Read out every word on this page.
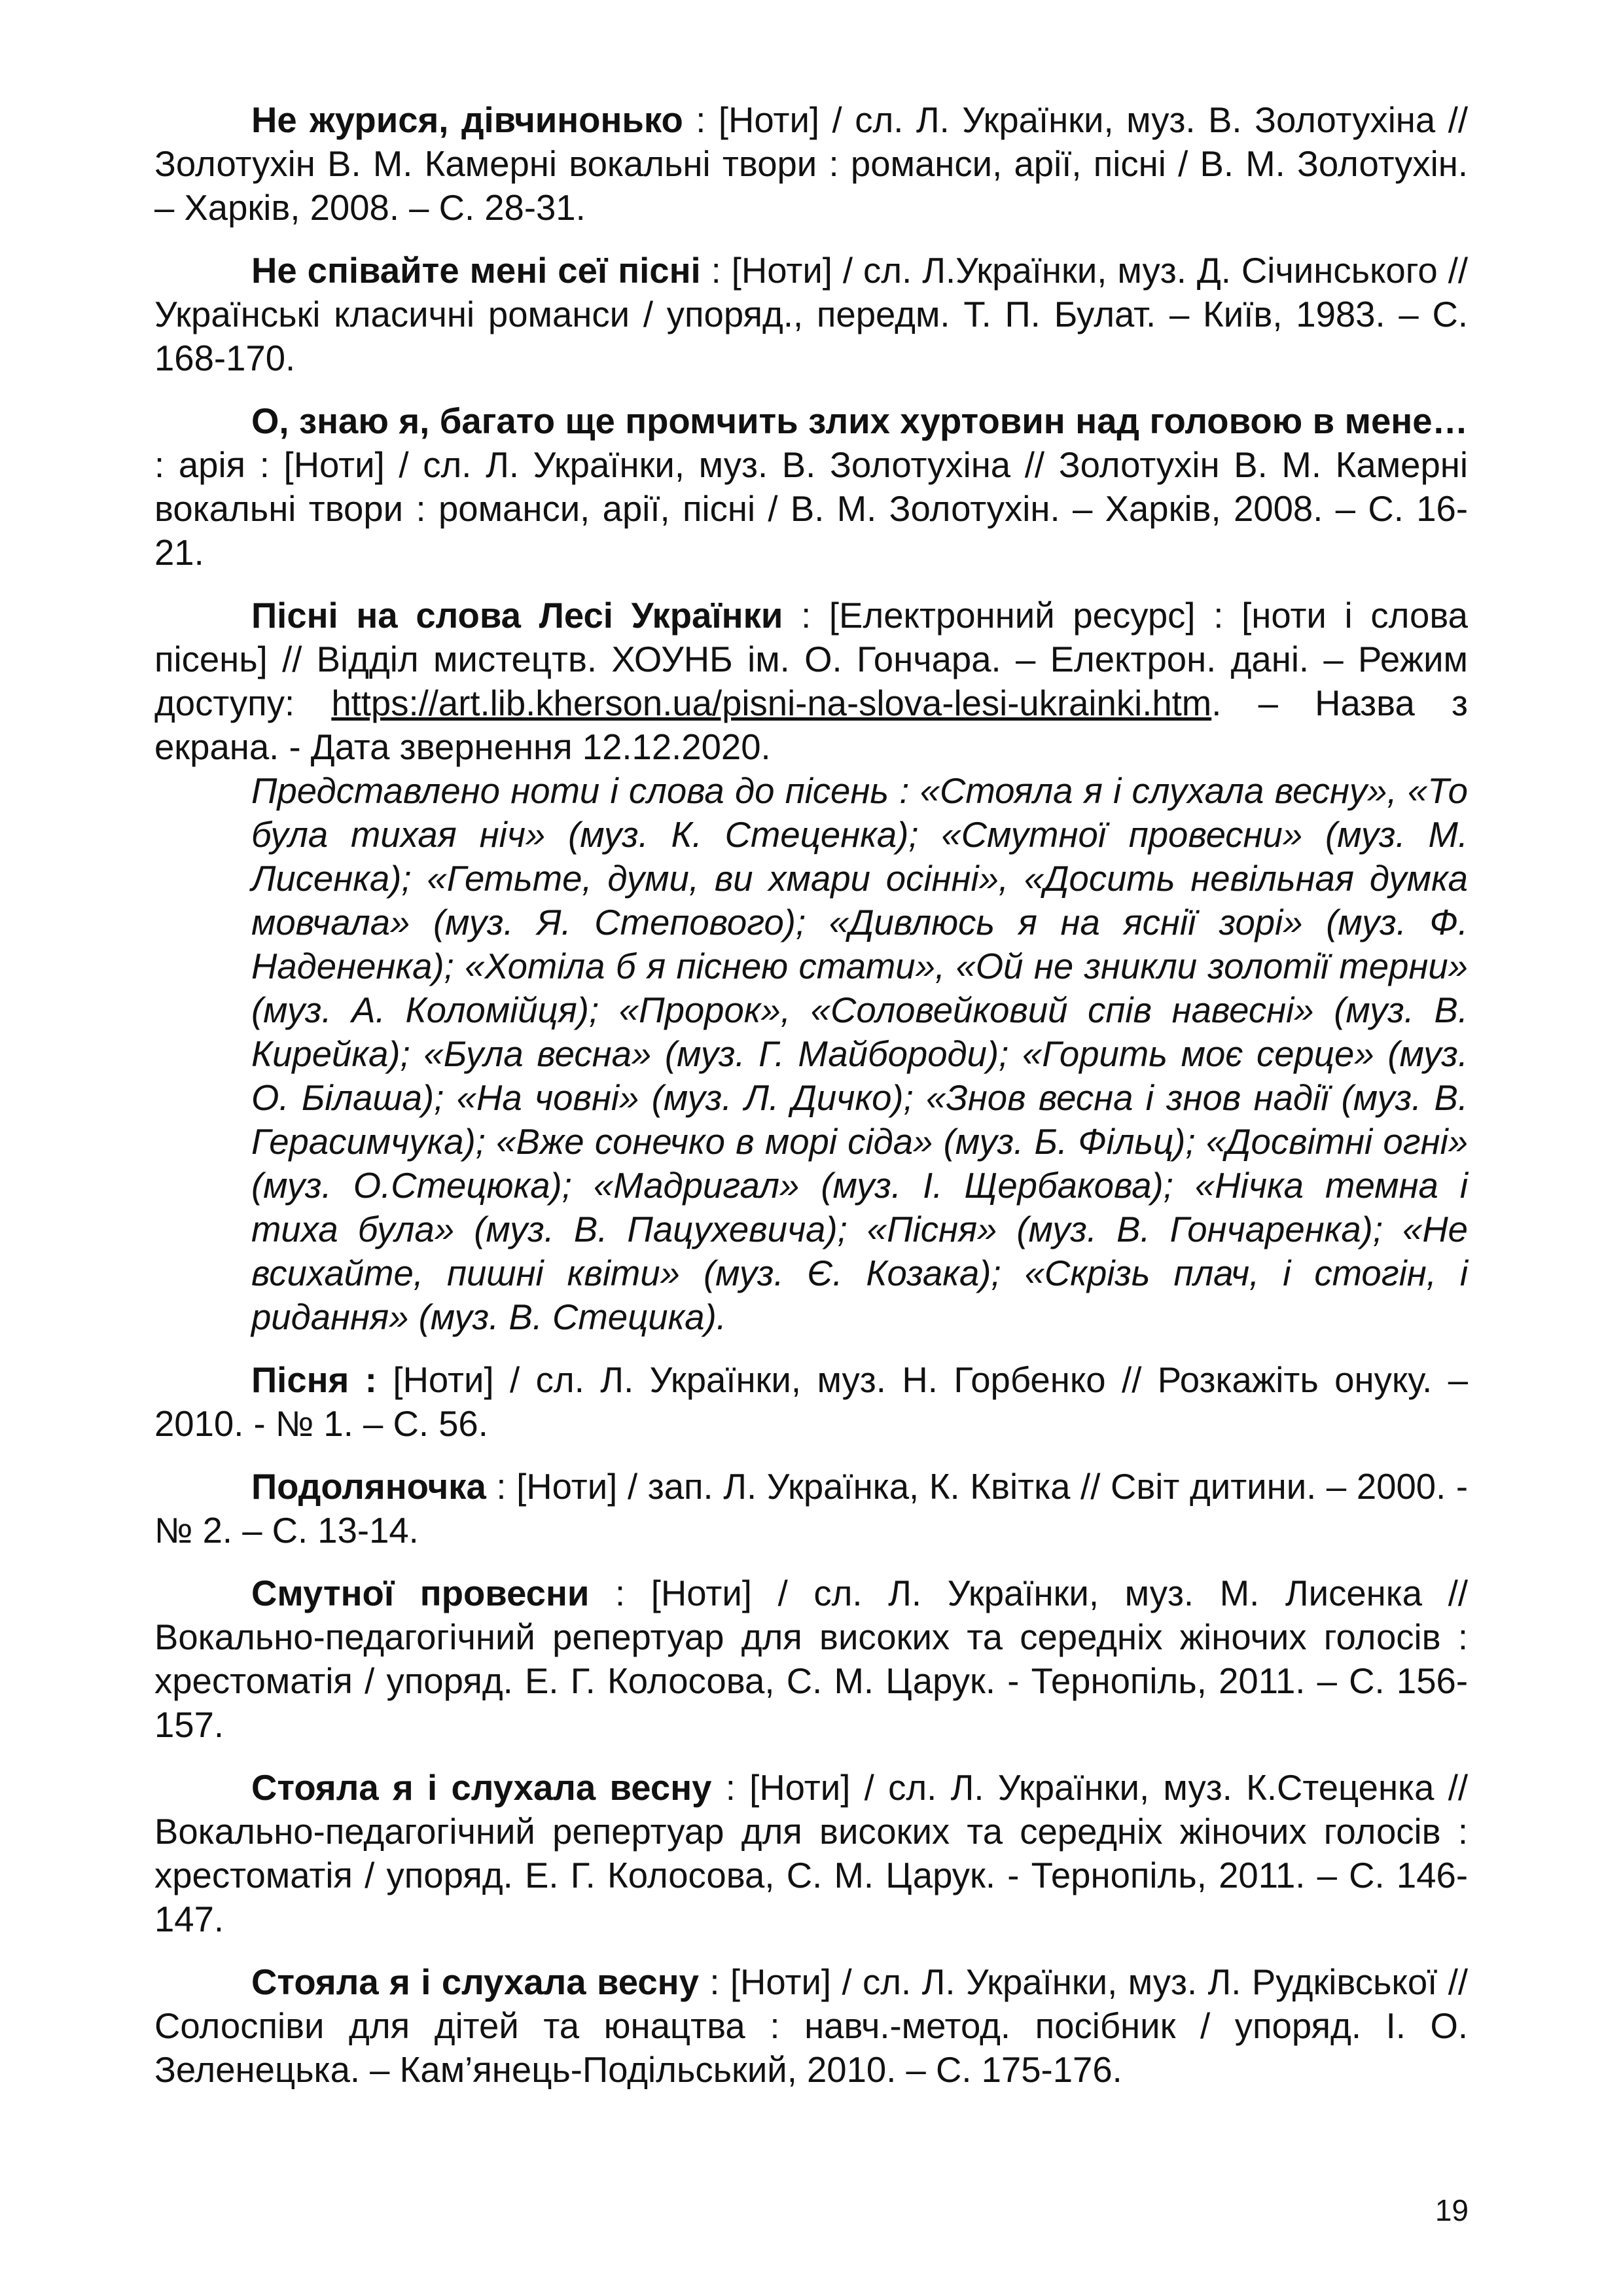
Не журися, дівчинонько : [Ноти] / сл. Л. Українки, муз. В. Золотухіна // Золотухін В. М. Камерні вокальні твори : романси, арії, пісні / В. М. Золотухін. – Харків, 2008. – С. 28-31.

Не співайте мені сеї пісні : [Ноти] / сл. Л.Українки, муз. Д. Січинського // Українські класичні романси / упоряд., передм. Т. П. Булат. – Київ, 1983. – С. 168-170.

О, знаю я, багато ще промчить злих хуртовин над головою в мене… : арія : [Ноти] / сл. Л. Українки, муз. В. Золотухіна // Золотухін В. М. Камерні вокальні твори : романси, арії, пісні / В. М. Золотухін. – Харків, 2008. – С. 16-21.

Пісні на слова Лесі Українки : [Електронний ресурс] : [ноти і слова пісень] // Відділ мистецтв. ХОУНБ ім. О. Гончара. – Електрон. дані. – Режим доступу: https://art.lib.kherson.ua/pisni-na-slova-lesi-ukrainki.htm. – Назва з екрана. - Дата звернення 12.12.2020.

Представлено ноти і слова до пісень : «Стояла я і слухала весну», «То була тихая ніч» (муз. К. Стеценка); «Смутної провесни» (муз. М. Лисенка); «Гетьте, думи, ви хмари осінні», «Досить невільная думка мовчала» (муз. Я. Степового); «Дивлюсь я на яснії зорі» (муз. Ф. Надененка); «Хотіла б я піснею стати», «Ой не зникли золотії терни» (муз. А. Коломійця); «Пророк», «Соловейковий спів навесні» (муз. В. Кирейка); «Була весна» (муз. Г. Майбороди); «Горить моє серце» (муз. О. Білаша); «На човні» (муз. Л. Дичко); «Знов весна і знов надії (муз. В. Герасимчука); «Вже сонечко в морі сіда» (муз. Б. Фільц); «Досвітні огні» (муз. О.Стецюка); «Мадригал» (муз. І. Щербакова); «Нічка темна і тиха була» (муз. В. Пацухевича); «Пісня» (муз. В. Гончаренка); «Не всихайте, пишні квіти» (муз. Є. Козака); «Скрізь плач, і стогін, і ридання» (муз. В. Стецика).

Пісня : [Ноти] / сл. Л. Українки, муз. Н. Горбенко // Розкажіть онуку. – 2010. - № 1. – С. 56.

Подоляночка : [Ноти] / зап. Л. Українка, К. Квітка // Світ дитини. – 2000. - № 2. – С. 13-14.

Смутної провесни : [Ноти] / сл. Л. Українки, муз. М. Лисенка // Вокально-педагогічний репертуар для високих та середніх жіночих голосів : хрестоматія / упоряд. Е. Г. Колосова, С. М. Царук. - Тернопіль, 2011. – С. 156-157.

Стояла я і слухала весну : [Ноти] / сл. Л. Українки, муз. К.Стеценка // Вокально-педагогічний репертуар для високих та середніх жіночих голосів : хрестоматія / упоряд. Е. Г. Колосова, С. М. Царук. - Тернопіль, 2011. – С. 146-147.

Стояла я і слухала весну : [Ноти] / сл. Л. Українки, муз. Л. Рудківської // Солоспіви для дітей та юнацтва : навч.-метод. посібник / упоряд. І. О. Зеленецька. – Кам’янець-Подільський, 2010. – С. 175-176.

19
